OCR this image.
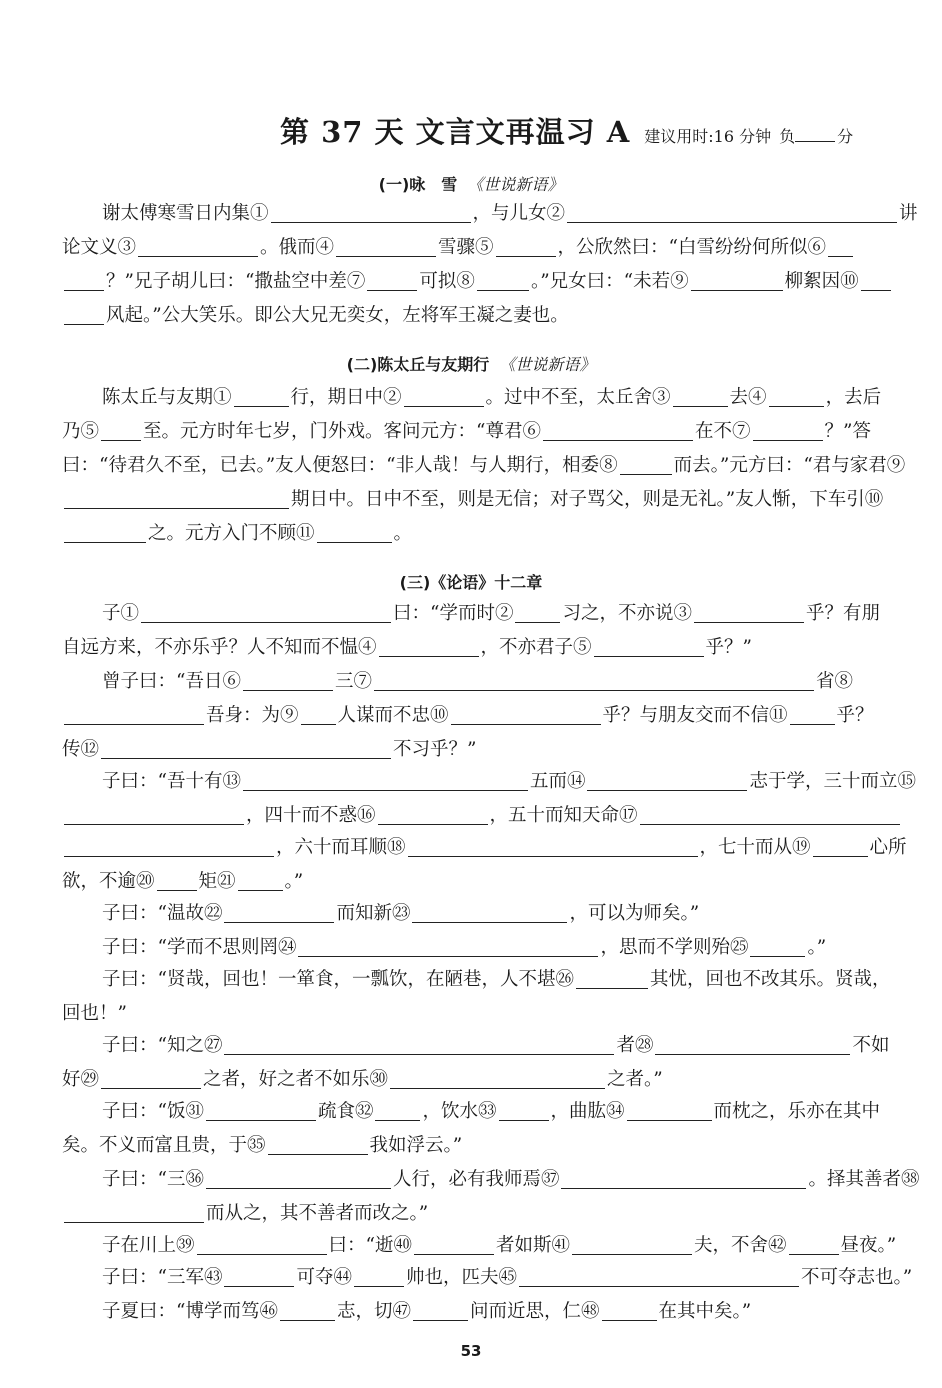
第 37 天 文言文再温习 A 建议用时:16 分钟 负	分
(一)咏　雪 《世说新语》
谢太傅寒雪日内集①	，与儿女②	讲
论文义③	。俄而④	雪骤⑤	，公欣然曰：“白雪纷纷何所似⑥
？”兄子胡儿曰：“撒盐空中差⑦	可拟⑧	。”兄女曰：“未若⑨	柳絮因⑩
风起。”公大笑乐。即公大兄无奕女，左将军王凝之妻也。
(二)陈太丘与友期行 《世说新语》
陈太丘与友期①	行，期日中②	。过中不至，太丘舍③	去④	，去后
乃⑤ 至。元方时年七岁，门外戏。客问元方：“尊君⑥	在不⑦	？”答
曰：“待君久不至，已去。”友人便怒曰：“非人哉！与人期行，相委⑧	而去。”元方曰：“君与家君⑨
期日中。日中不至，则是无信；对子骂父，则是无礼。”友人惭，下车引⑩
之。元方入门不顾⑪	。
(三)《论语》十二章
子①	曰：“学而时②	习之，不亦说③	乎？有朋
自远方来，不亦乐乎？人不知而不愠④	，不亦君子⑤	乎？”
曾子曰：“吾日⑥	三⑦	省⑧
吾身：为⑨ 人谋而不忠⑩	乎？与朋友交而不信⑪	乎？
传⑫	不习乎？”
子曰：“吾十有⑬	五而⑭	志于学，三十而立⑮
，四十而不惑⑯	，五十而知天命⑰
，六十而耳顺⑱	，七十而从⑲	心所
欲，不逾⑳ 矩㉑	。”
子曰：“温故㉒	而知新㉓	，可以为师矣。”
子曰：“学而不思则罔㉔	，思而不学则殆㉕	。”
子曰：“贤哉，回也！一箪食，一瓢饮，在陋巷，人不堪㉖	其忧，回也不改其乐。贤哉，
回也！”
子曰：“知之㉗	者㉘	不如
好㉙	之者，好之者不如乐㉚	之者。”
子曰：“饭㉛	疏食㉜	，饮水㉝	，曲肱㉞	而枕之，乐亦在其中
矣。不义而富且贵，于㉟	我如浮云。”
子曰：“三㊱	人行，必有我师焉㊲	。择其善者㊳
而从之，其不善者而改之。”
子在川上㊴	曰：“逝㊵	者如斯㊶	夫，不舍㊷	昼夜。”
子曰：“三军㊸	可夺㊹	帅也，匹夫㊺	不可夺志也。”
子夏曰：“博学而笃㊻	志，切㊼	问而近思，仁㊽	在其中矣。”
53
